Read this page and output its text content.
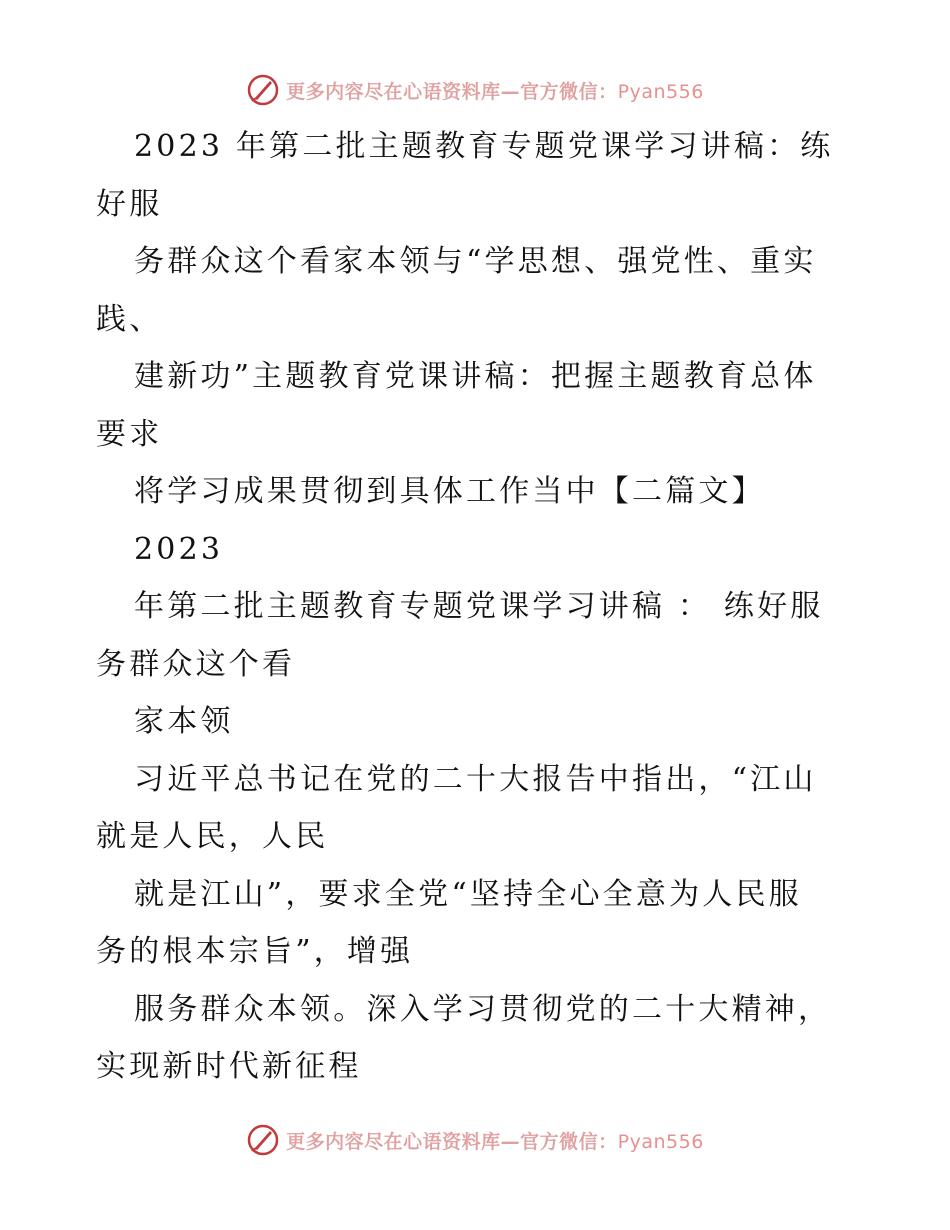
更多内容尽在心语资料库—官方微信：Pyan556
2023 年第二批主题教育专题党课学习讲稿：练
好服
务群众这个看家本领与“学思想、强党性、重实
践、
建新功”主题教育党课讲稿：把握主题教育总体
要求
将学习成果贯彻到具体工作当中【二篇文】
2023
年第二批主题教育专题党课学习讲稿 ： 练好服
务群众这个看
家本领
习近平总书记在党的二十大报告中指出，“江山
就是人民，人民
就是江山”，要求全党“坚持全心全意为人民服
务的根本宗旨”，增强
服务群众本领。深入学习贯彻党的二十大精神，
实现新时代新征程
更多内容尽在心语资料库—官方微信：Pyan556
